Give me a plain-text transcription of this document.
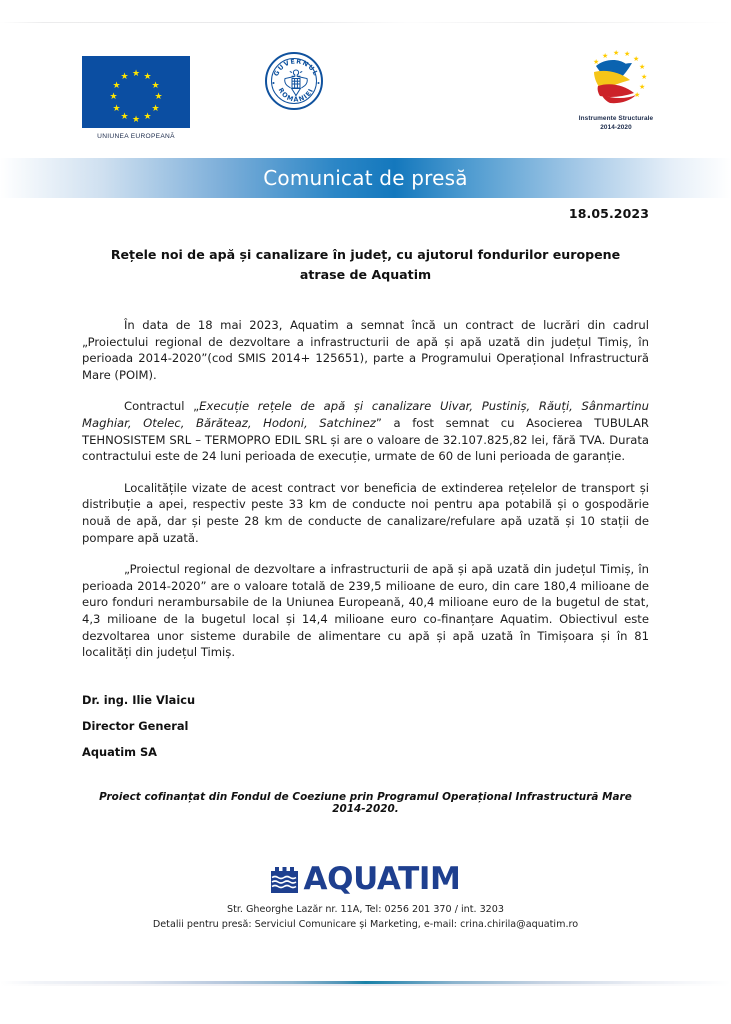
★ ★
★
★
★
★
★
★
★
★
★
★
UNIUNEA EUROPEANĂ
GUVERNUL
ROMÂNIEI
★
★ ★ ★
★
★
★
★
★
Instrumente Structurale
2014-2020
Comunicat de presă
18.05.2023
Rețele noi de apă și canalizare în județ, cu ajutorul fondurilor europene atrase de Aquatim
În data de 18 mai 2023, Aquatim a semnat încă un contract de lucrări din cadrul „Proiectului regional de dezvoltare a infrastructurii de apă și apă uzată din județul Timiș, în perioada 2014-2020”(cod SMIS 2014+ 125651), parte a Programului Operațional Infrastructură Mare (POIM).
Contractul „Execuție rețele de apă și canalizare Uivar, Pustiniș, Răuți, Sânmartinu Maghiar, Otelec, Bărăteaz, Hodoni, Satchinez” a fost semnat cu Asocierea TUBULAR TEHNOSISTEM SRL – TERMOPRO EDIL SRL și are o valoare de 32.107.825,82 lei, fără TVA. Durata contractului este de 24 luni perioada de execuție, urmate de 60 de luni perioada de garanție.
Localitățile vizate de acest contract vor beneficia de extinderea rețelelor de transport și distribuție a apei, respectiv peste 33 km de conducte noi pentru apa potabilă și o gospodărie nouă de apă, dar și peste 28 km de conducte de canalizare/refulare apă uzată și 10 stații de pompare apă uzată.
„Proiectul regional de dezvoltare a infrastructurii de apă și apă uzată din județul Timiș, în perioada 2014-2020” are o valoare totală de 239,5 milioane de euro, din care 180,4 milioane de euro fonduri nerambursabile de la Uniunea Europeană, 40,4 milioane euro de la bugetul de stat, 4,3 milioane de la bugetul local și 14,4 milioane euro co-finanțare Aquatim. Obiectivul este dezvoltarea unor sisteme durabile de alimentare cu apă și apă uzată în Timișoara și în 81 localități din județul Timiș.
Dr. ing. Ilie Vlaicu
Director General
Aquatim SA
Proiect cofinanțat din Fondul de Coeziune prin Programul Operațional Infrastructură Mare 2014-2020.
AQUATIM
Str. Gheorghe Lazăr nr. 11A, Tel: 0256 201 370 / int. 3203
Detalii pentru presă: Serviciul Comunicare și Marketing, e-mail: crina.chirila@aquatim.ro
